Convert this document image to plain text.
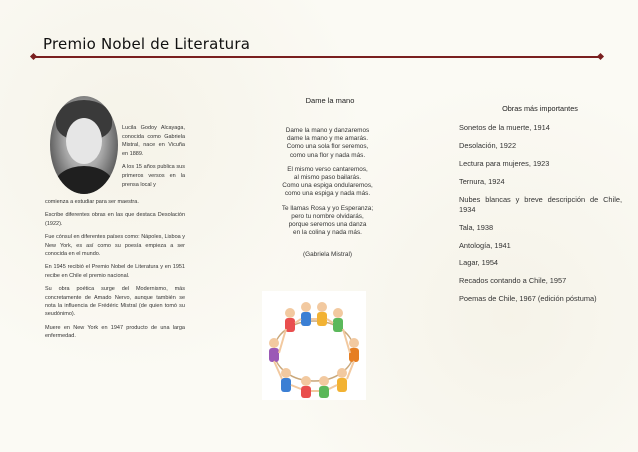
Premio Nobel de Literatura

Lucila Godoy Alcayaga, conocida como Gabriela Mistral, nace en Vicuña en 1889.

A los 15 años publica sus primeros versos en la prensa local y

comienza a estudiar para ser maestra.

Escribe diferentes obras en las que destaca Desolación (1922).

Fue cónsul en diferentes países como: Nápoles, Lisboa y New York, es así como su poesía empieza a ser conocida en el mundo.

En 1945 recibió el Premio Nobel de Literatura y en 1951 recibe en Chile el premio nacional.

Su obra poética surge del Modernismo, más concretamente de Amado Nervo, aunque también se nota la influencia de Frédéric Mistral (de quien tomó su seudónimo).

Muere en New York en 1947 producto de una larga enfermedad.

Dame la mano
Dame la mano y danzaremos
dame la mano y me amarás.
Como una sola flor seremos,
como una flor y nada más.
El mismo verso cantaremos,
al mismo paso bailarás.
Como una espiga ondularemos,
como una espiga y nada más.
Te llamas Rosa y yo Esperanza;
pero tu nombre olvidarás,
porque seremos una danza
en la colina y nada más.
(Gabriela Mistral)
Obras más importantes
Sonetos de la muerte, 1914
Desolación, 1922
Lectura para mujeres, 1923
Ternura, 1924
Nubes blancas y breve descripción de Chile,
1934
Tala, 1938
Antología, 1941
Lagar, 1954
Recados contando a Chile, 1957
Poemas de Chile, 1967 (edición póstuma)
